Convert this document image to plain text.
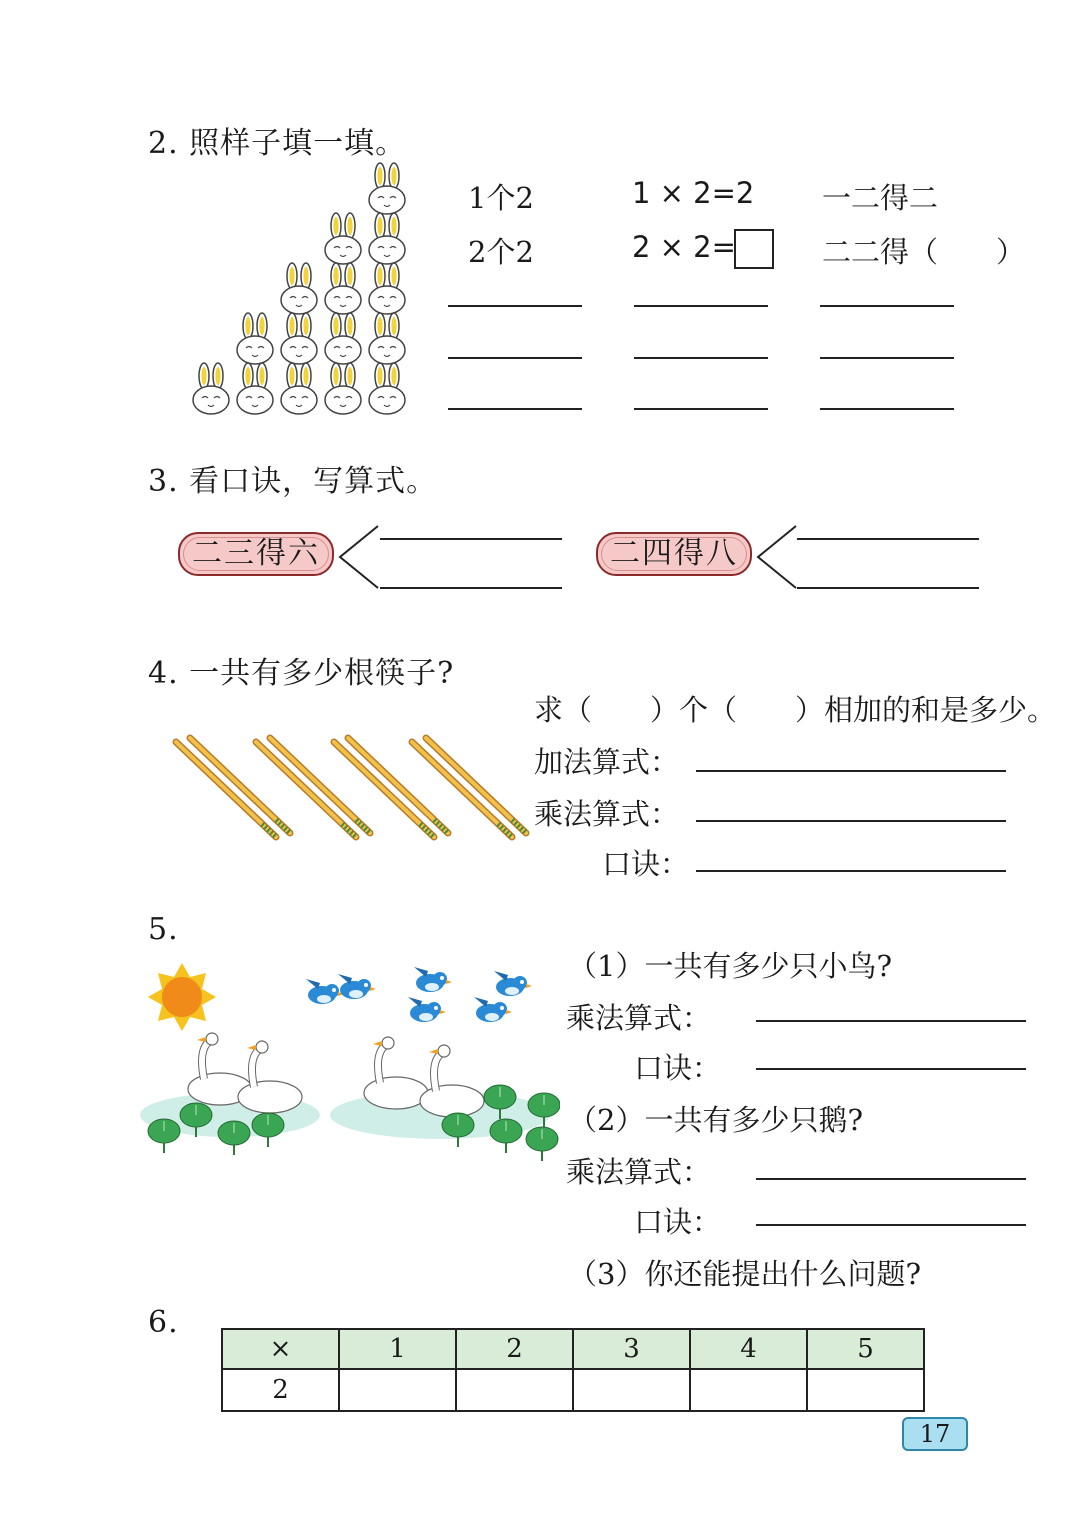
2. 照样子填一填。
1个2	1 × 2=2 一二得二
2个2	2 × 2=	二二得（　　）
3. 看口诀，写算式。
二三得六	二四得八
4. 一共有多少根筷子?
求（　　）个（　　）相加的和是多少。
加法算式：
乘法算式：
口诀：
5.
（1）一共有多少只小鸟?
乘法算式：
口诀：
（2）一共有多少只鹅?
乘法算式：
口诀：
（3）你还能提出什么问题?
6.
×	1	2	3	4	5
2					
17
